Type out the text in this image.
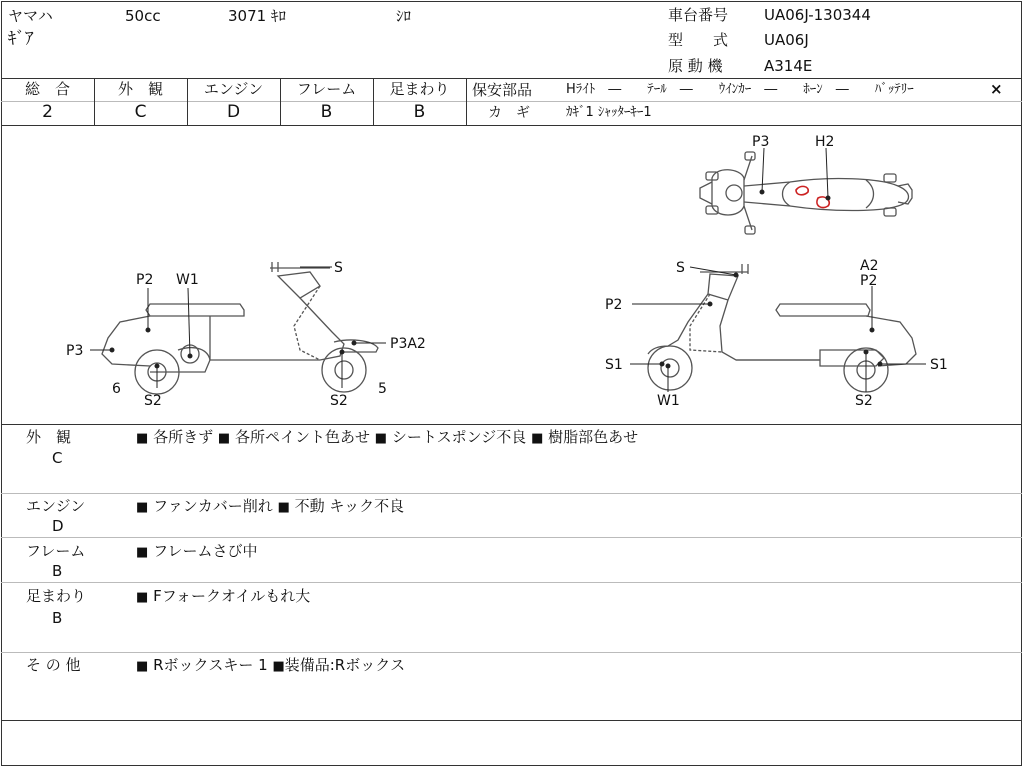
ヤマハ	50cc	3071 ｷﾛ	ｼﾛ
ｷﾞｱ
車台番号 UA06J-130344
型　　式 UA06J
原 動 機	A314E
総　合	外　観	エンジン	フレーム	足まわり
2	C	D	B	B
保安部品	Hﾗｲﾄ　―　　ﾃｰﾙ　―　　ｳｲﾝｶｰ　―　　ﾎｰﾝ　―　　ﾊﾞｯﾃﾘｰ	×
カ　ギ	ｶｷﾞ1 ｼｬｯﾀｰｷｰ1
S
P2 W1
P3A2
P3
6
S2	S2
5
S	A2
P2
P2
S1	S1
W1	S2
P3	H2
外　観
C
■ 各所きず ■ 各所ペイント色あせ ■ シートスポンジ不良 ■ 樹脂部色あせ
エンジン
D
■ ファンカバー削れ ■ 不動 キック不良
フレーム
B
■ フレームさび中
足まわり
B
■ Fフォークオイルもれ大
そ の 他	■ Rボックスキー 1 ■装備品:Rボックス
